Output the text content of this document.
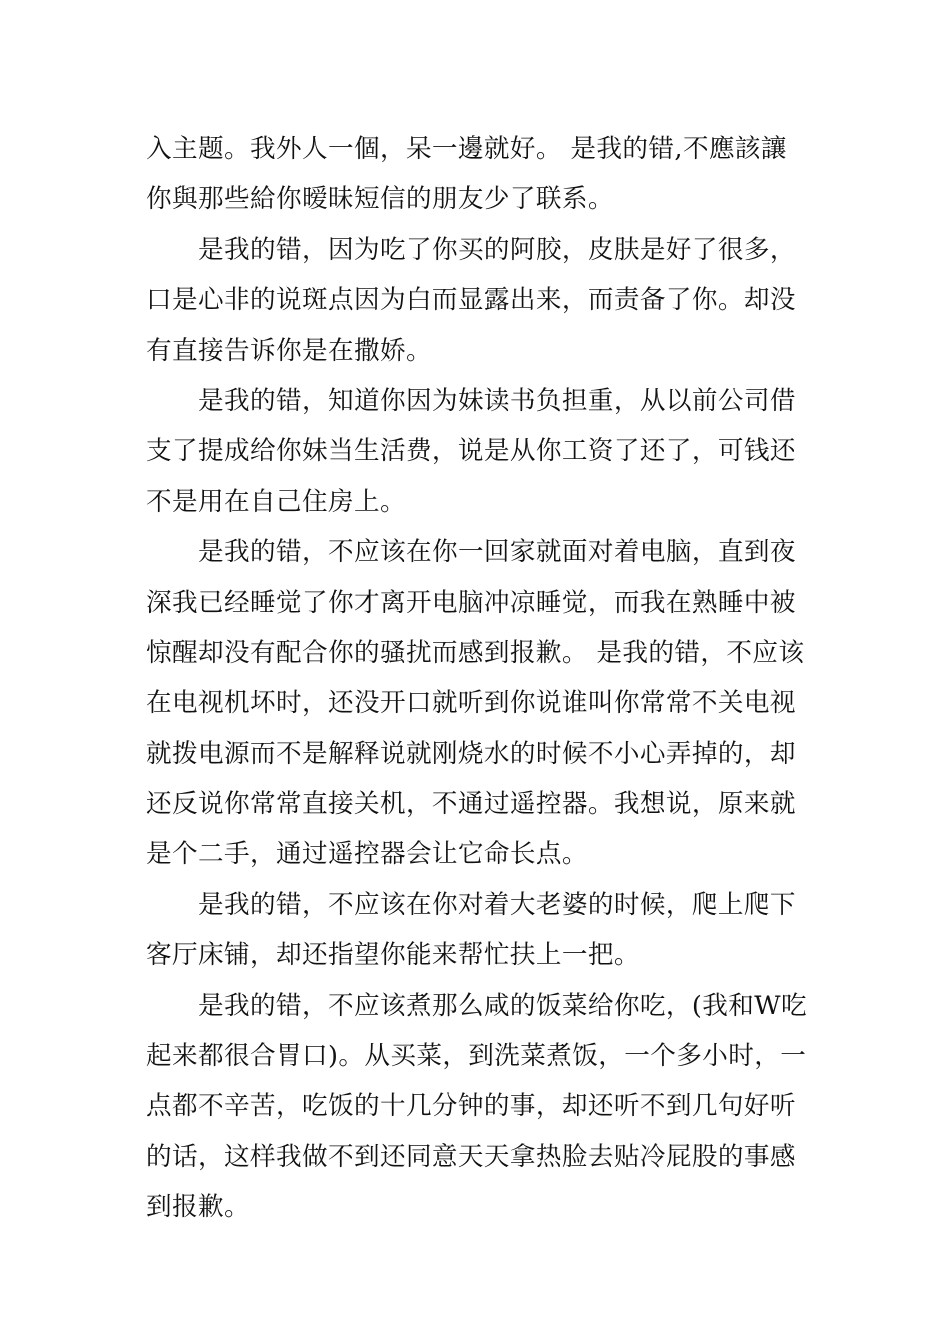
入主题。我外人一個，呆一邊就好。 是我的错,不應該讓
你與那些給你暧昧短信的朋友少了联系。
是我的错，因为吃了你买的阿胶，皮肤是好了很多，
口是心非的说斑点因为白而显露出来，而责备了你。却没
有直接告诉你是在撒娇。
是我的错，知道你因为妹读书负担重，从以前公司借
支了提成给你妹当生活费，说是从你工资了还了，可钱还
不是用在自己住房上。
是我的错，不应该在你一回家就面对着电脑，直到夜
深我已经睡觉了你才离开电脑冲凉睡觉，而我在熟睡中被
惊醒却没有配合你的骚扰而感到报歉。 是我的错，不应该
在电视机坏时，还没开口就听到你说谁叫你常常不关电视
就拨电源而不是解释说就刚烧水的时候不小心弄掉的，却
还反说你常常直接关机，不通过遥控器。我想说，原来就
是个二手，通过遥控器会让它命长点。
是我的错，不应该在你对着大老婆的时候，爬上爬下
客厅床铺，却还指望你能来帮忙扶上一把。
是我的错，不应该煮那么咸的饭菜给你吃，(我和W吃
起来都很合胃口)。从买菜，到洗菜煮饭，一个多小时，一
点都不辛苦，吃饭的十几分钟的事，却还听不到几句好听
的话，这样我做不到还同意天天拿热脸去贴冷屁股的事感
到报歉。
